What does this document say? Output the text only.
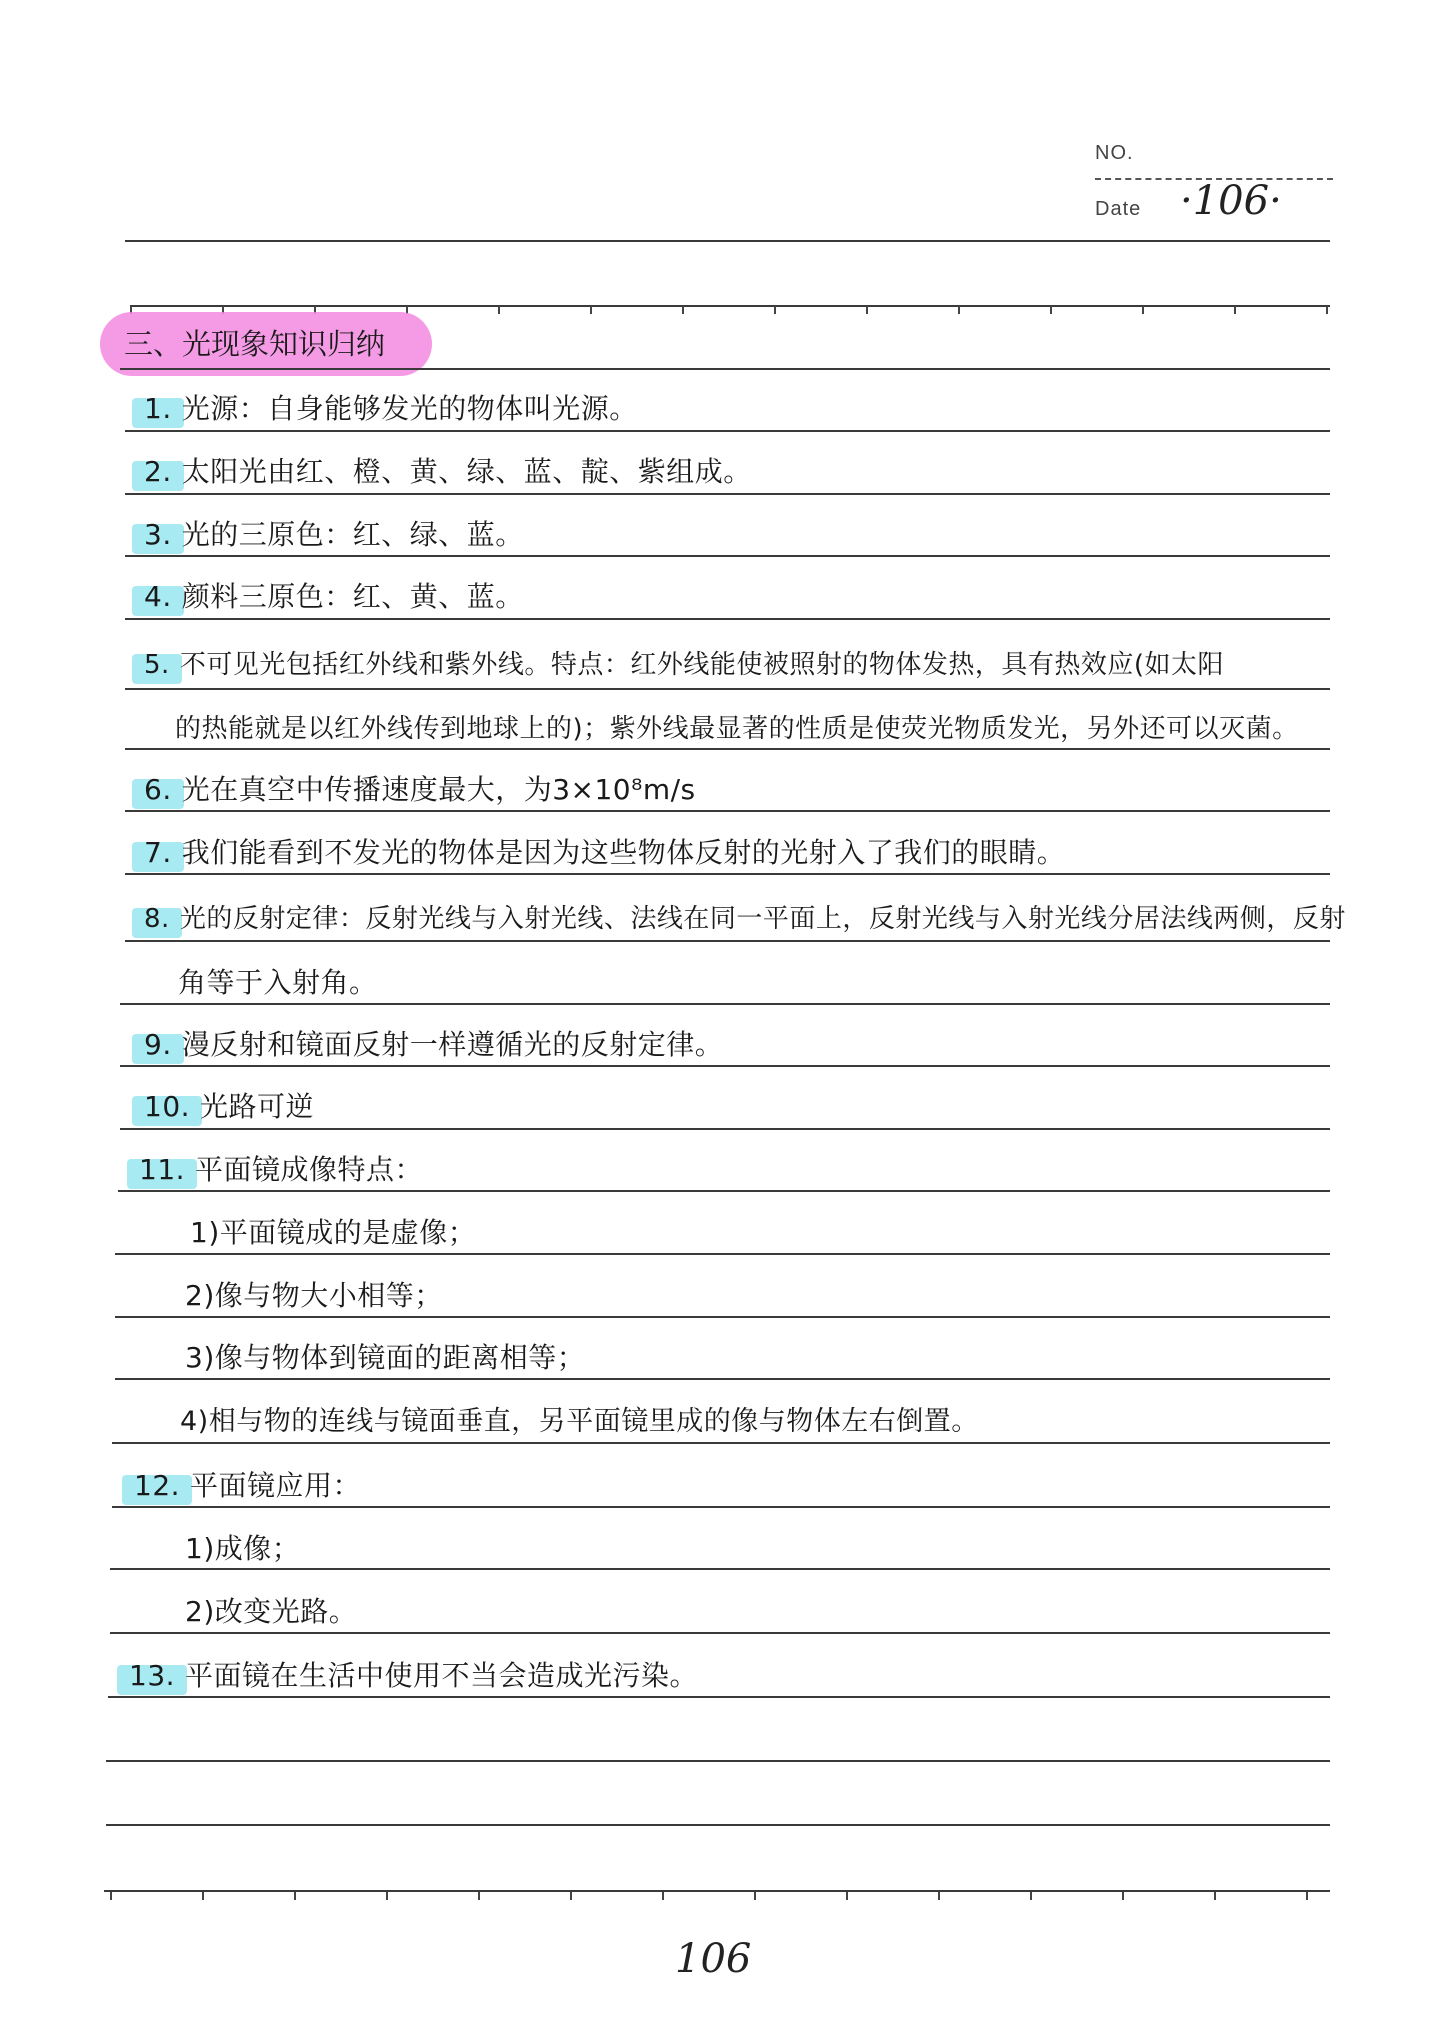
NO.
Date ·106·
三、光现象知识归纳
1. 光源：自身能够发光的物体叫光源。
2. 太阳光由红、橙、黄、绿、蓝、靛、紫组成。
3. 光的三原色：红、绿、蓝。
4. 颜料三原色：红、黄、蓝。
5. 不可见光包括红外线和紫外线。特点：红外线能使被照射的物体发热，具有热效应(如太阳
的热能就是以红外线传到地球上的)；紫外线最显著的性质是使荧光物质发光，另外还可以灭菌。
6. 光在真空中传播速度最大，为3×10⁸m/s
7. 我们能看到不发光的物体是因为这些物体反射的光射入了我们的眼睛。
8. 光的反射定律：反射光线与入射光线、法线在同一平面上，反射光线与入射光线分居法线两侧，反射
角等于入射角。
9. 漫反射和镜面反射一样遵循光的反射定律。
10. 光路可逆
11. 平面镜成像特点：
1)平面镜成的是虚像；
2)像与物大小相等；
3)像与物体到镜面的距离相等；
4)相与物的连线与镜面垂直，另平面镜里成的像与物体左右倒置。
12. 平面镜应用：
1)成像；
2)改变光路。
13. 平面镜在生活中使用不当会造成光污染。
106
